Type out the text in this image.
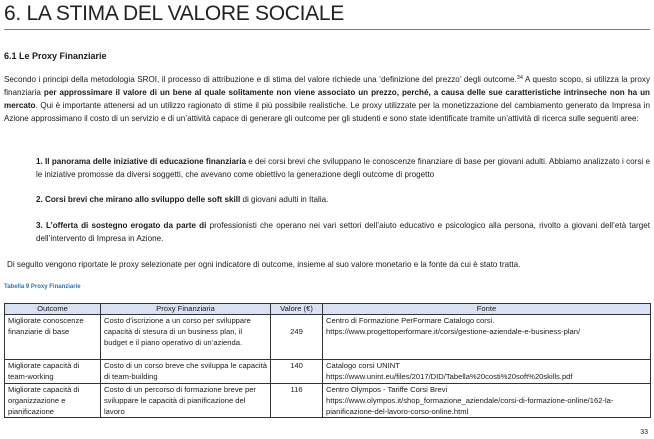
6. LA STIMA DEL VALORE SOCIALE
6.1 Le Proxy Finanziarie

Secondo i principi della metodologia SROI, il processo di attribuzione e di stima del valore richiede una ‘definizione del prezzo’ degli outcome.$^{34}$ A questo scopo, si utilizza la proxy finanziaria per approssimare il valore di un bene al quale solitamente non viene associato un prezzo, perché, a causa delle sue caratteristiche intrinseche non ha un mercato. Qui è importante attenersi ad un utilizzo ragionato di stime il più possibile realistiche. Le proxy utilizzate per la monetizzazione del cambiamento generato da Impresa in Azione approssimano il costo di un servizio e di un’attività capace di generare gli outcome per gli studenti e sono state identificate tramite un’attività di ricerca sulle seguenti aree:

1. Il panorama delle iniziative di educazione finanziaria e dei corsi brevi che sviluppano le conoscenze finanziare di base per giovani adulti. Abbiamo analizzato i corsi e le iniziative promosse da diversi soggetti, che avevano come obiettivo la generazione degli outcome di progetto

2. Corsi brevi che mirano allo sviluppo delle soft skill di giovani adulti in Italia.

3. L’offerta di sostegno erogato da parte di professionisti che operano nei vari settori dell’aiuto educativo e psicologico alla persona, rivolto a giovani dell’età target dell’intervento di Impresa in Azione.

Di seguito vengono riportate le proxy selezionate per ogni indicatore di outcome, insieme al suo valore monetario e la fonte da cui è stato tratta.

Tabella 9 Proxy Finanziarie
Outcome	Proxy Finanziaria	Valore (€)	Fonte
Migliorate conoscenze finanziarie di base	Costo d’iscrizione a un corso per sviluppare capacità di stesura di un business plan, il budget e il piano operativo di un’azienda.	249	Centro di Formazione PerFormare Catalogo corsi.
https://www.progettoperformare.it/corsi/gestione-aziendale-e-business-plan/

Migliorate capacità di team-working	Costo di un corso breve che sviluppa le capacità di team-building	140	Catalogo corsi UNINT
https://www.unint.eu/files/2017/DID/Tabella%20costi%20soft%20skills.pdf

Migliorate capacità di organizzazione e pianificazione	Costo di un percorso di formazione breve per sviluppare le capacità di pianificazione del lavoro	116	Centro Olympos - Tariffe Corsi Brevi
https://www.olympos.it/shop_formazione_aziendale/corsi-di-formazione-online/162-la-pianificazione-del-lavoro-corso-online.html
33
